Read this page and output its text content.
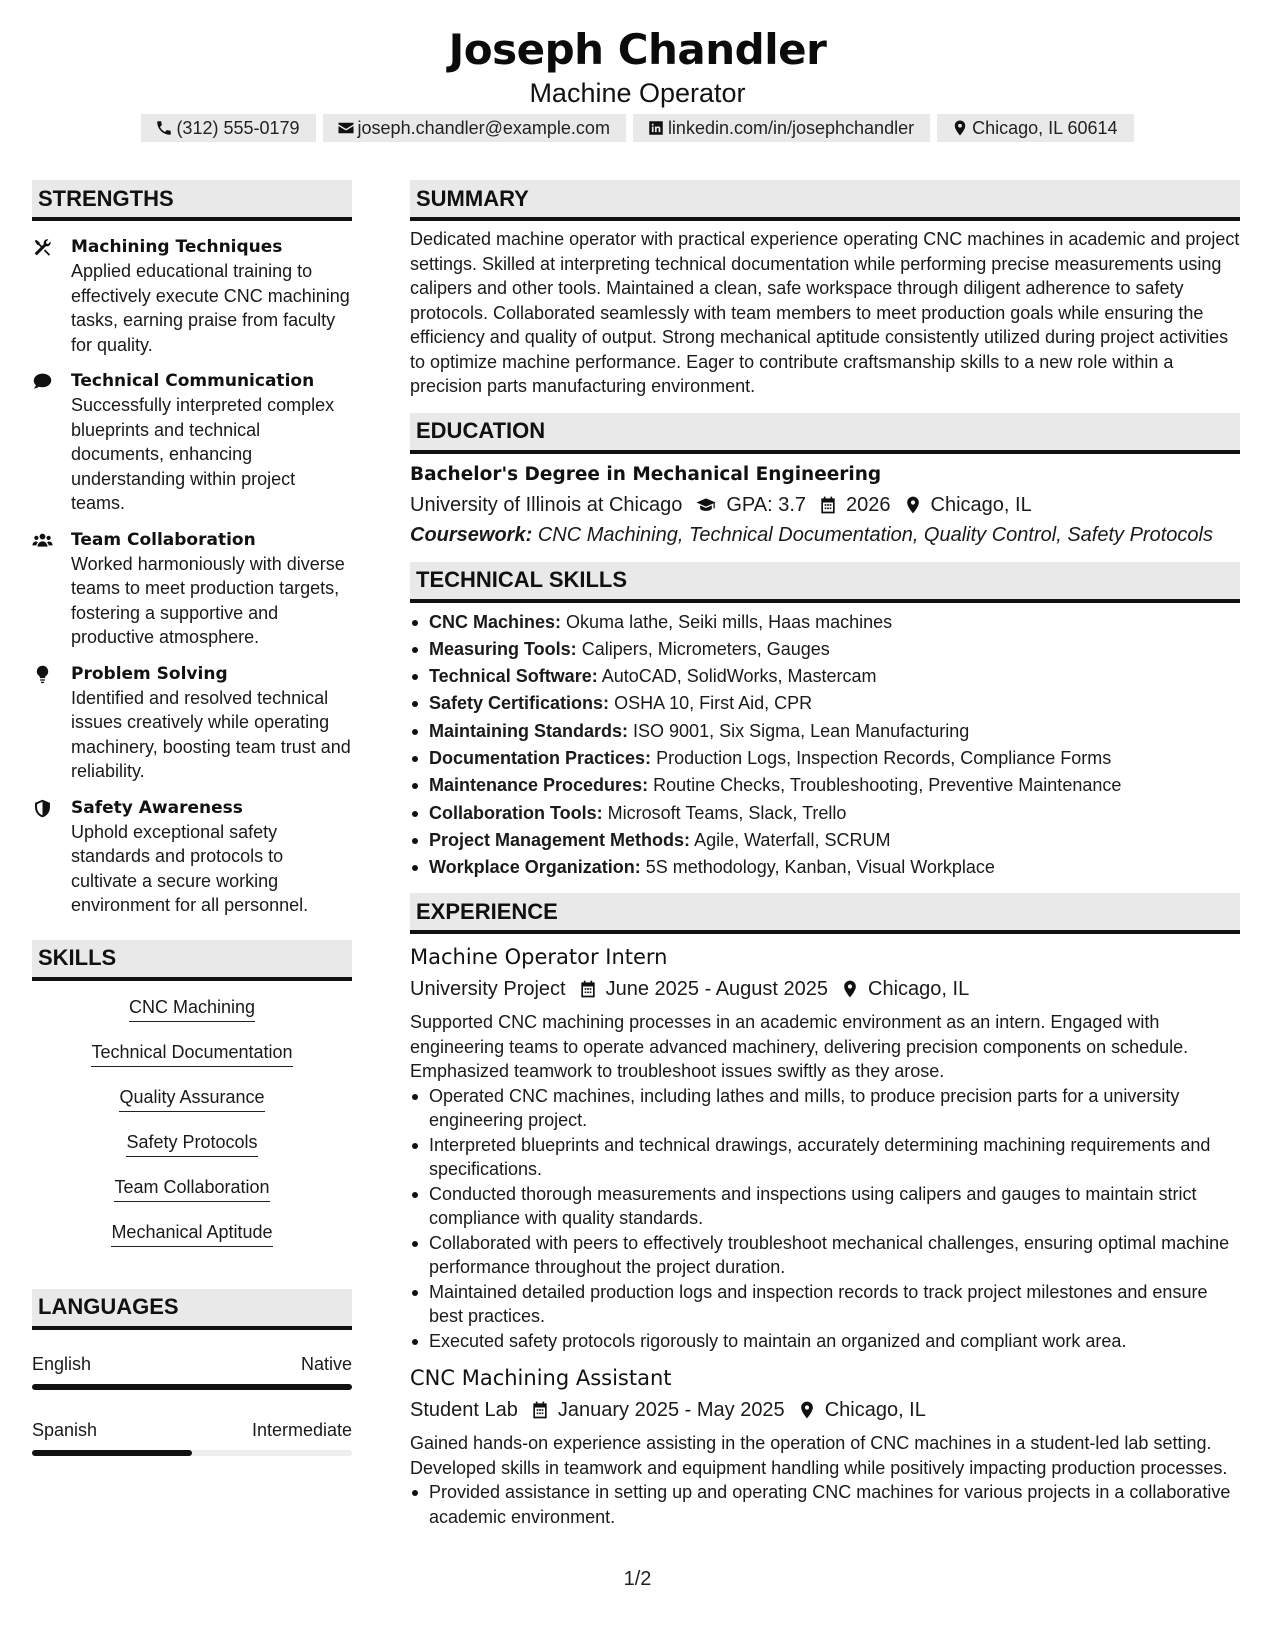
Joseph Chandler
Machine Operator
(312) 555-0179	joseph.chandler@example.com	linkedin.com/in/josephchandler	Chicago, IL 60614
STRENGTHS
Machining Techniques
Applied educational training to effectively execute CNC machining tasks, earning praise from faculty for quality.
Technical Communication
Successfully interpreted complex blueprints and technical documents, enhancing understanding within project teams.
Team Collaboration
Worked harmoniously with diverse teams to meet production targets, fostering a supportive and productive atmosphere.
Problem Solving
Identified and resolved technical issues creatively while operating machinery, boosting team trust and reliability.
Safety Awareness
Uphold exceptional safety standards and protocols to cultivate a secure working environment for all personnel.
SKILLS
CNC Machining
Technical Documentation
Quality Assurance
Safety Protocols
Team Collaboration
Mechanical Aptitude
LANGUAGES
English	Native
Spanish	Intermediate
SUMMARY
Dedicated machine operator with practical experience operating CNC machines in academic and project settings. Skilled at interpreting technical documentation while performing precise measurements using calipers and other tools. Maintained a clean, safe workspace through diligent adherence to safety protocols. Collaborated seamlessly with team members to meet production goals while ensuring the efficiency and quality of output. Strong mechanical aptitude consistently utilized during project activities to optimize machine performance. Eager to contribute craftsmanship skills to a new role within a precision parts manufacturing environment.
EDUCATION
Bachelor's Degree in Mechanical Engineering
University of Illinois at Chicago GPA: 3.7 2026 Chicago, IL
Coursework: CNC Machining, Technical Documentation, Quality Control, Safety Protocols
TECHNICAL SKILLS
CNC Machines: Okuma lathe, Seiki mills, Haas machines
Measuring Tools: Calipers, Micrometers, Gauges
Technical Software: AutoCAD, SolidWorks, Mastercam
Safety Certifications: OSHA 10, First Aid, CPR
Maintaining Standards: ISO 9001, Six Sigma, Lean Manufacturing
Documentation Practices: Production Logs, Inspection Records, Compliance Forms
Maintenance Procedures: Routine Checks, Troubleshooting, Preventive Maintenance
Collaboration Tools: Microsoft Teams, Slack, Trello
Project Management Methods: Agile, Waterfall, SCRUM
Workplace Organization: 5S methodology, Kanban, Visual Workplace
EXPERIENCE
Machine Operator Intern
University Project June 2025 - August 2025 Chicago, IL
Supported CNC machining processes in an academic environment as an intern. Engaged with engineering teams to operate advanced machinery, delivering precision components on schedule. Emphasized teamwork to troubleshoot issues swiftly as they arose.
Operated CNC machines, including lathes and mills, to produce precision parts for a university engineering project.
Interpreted blueprints and technical drawings, accurately determining machining requirements and specifications.
Conducted thorough measurements and inspections using calipers and gauges to maintain strict compliance with quality standards.
Collaborated with peers to effectively troubleshoot mechanical challenges, ensuring optimal machine performance throughout the project duration.
Maintained detailed production logs and inspection records to track project milestones and ensure best practices.
Executed safety protocols rigorously to maintain an organized and compliant work area.
CNC Machining Assistant
Student Lab January 2025 - May 2025 Chicago, IL
Gained hands-on experience assisting in the operation of CNC machines in a student-led lab setting. Developed skills in teamwork and equipment handling while positively impacting production processes.
Provided assistance in setting up and operating CNC machines for various projects in a collaborative academic environment.
1/2
